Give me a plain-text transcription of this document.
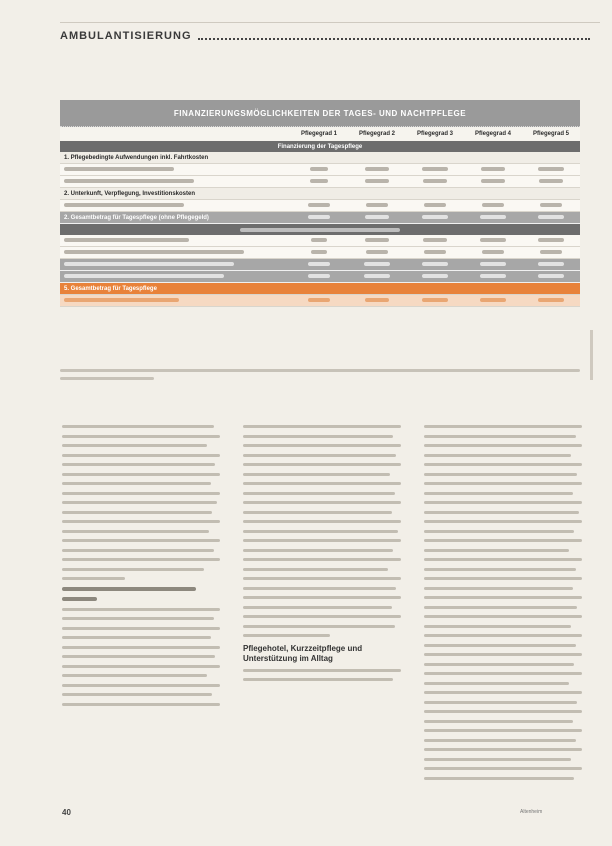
AMBULANTISIERUNG
FINANZIERUNGSMÖGLICHKEITEN DER TAGES- UND NACHTPFLEGE
Pflegegrad 1	Pflegegrad 2	Pflegegrad 3	Pflegegrad 4	Pflegegrad 5
Finanzierung der Tagespflege
1. Pflegebedingte Aufwendungen inkl. Fahrtkosten
2. Unterkunft, Verpflegung, Investitionskosten
2. Gesamtbetrag für Tagespflege (ohne Pflegegeld)
5. Gesamtbetrag für Tagespflege
Pflegehotel, Kurzzeitpflege und Unterstützung im Alltag
40	Altenheim
